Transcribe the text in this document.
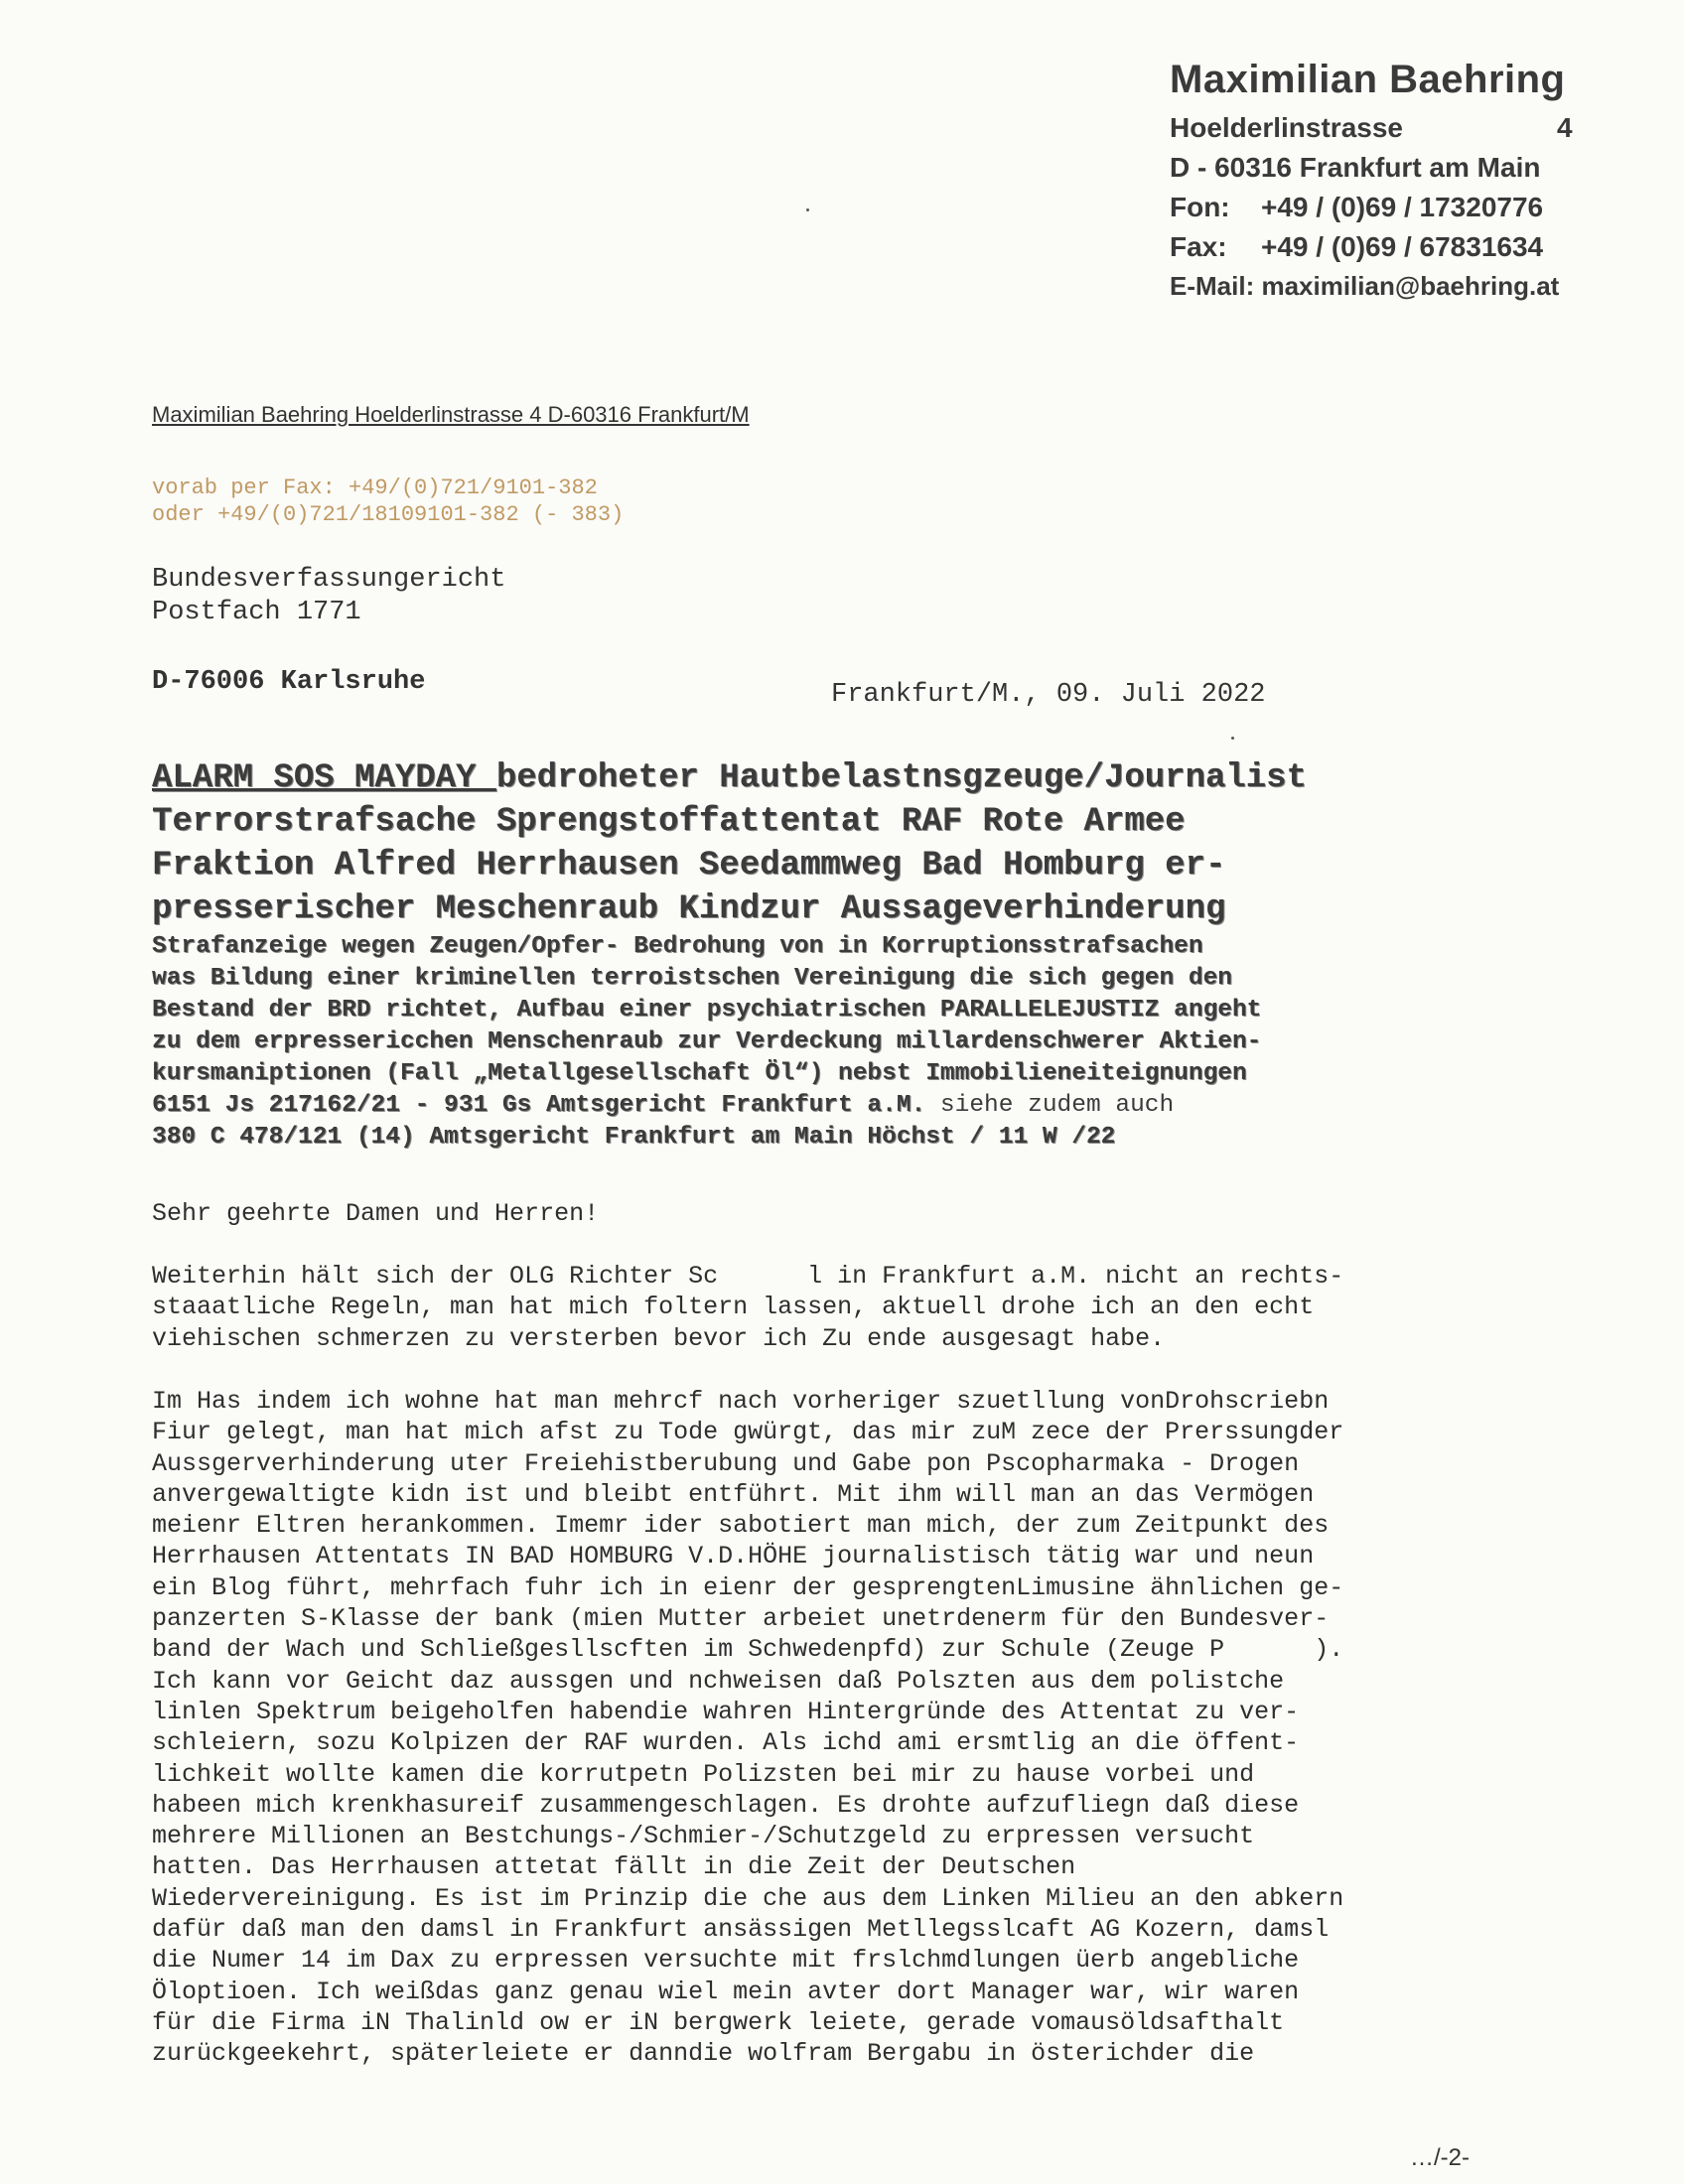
Maximilian Baehring
Hoelderlinstrasse	4
D - 60316 Frankfurt am Main
Fon: +49 / (0)69 / 17320776
Fax: +49 / (0)69 / 67831634
E-Mail: maximilian@baehring.at
Maximilian Baehring Hoelderlinstrasse 4 D-60316 Frankfurt/M
vorab per Fax: +49/(0)721/9101-382
oder +49/(0)721/18109101-382 (- 383)
Bundesverfassungericht
Postfach 1771
D-76006 Karlsruhe	Frankfurt/M., 09. Juli 2022
ALARM SOS MAYDAY bedroheter Hautbelastnsgzeuge/Journalist
Terrorstrafsache Sprengstoffattentat RAF Rote Armee
Fraktion Alfred Herrhausen Seedammweg Bad Homburg er-
presserischer Meschenraub Kindzur Aussageverhinderung
Strafanzeige wegen Zeugen/Opfer- Bedrohung von in Korruptionsstrafsachen
was Bildung einer kriminellen terroistschen Vereinigung die sich gegen den
Bestand der BRD richtet, Aufbau einer psychiatrischen PARALLELEJUSTIZ angeht
zu dem erpressericchen Menschenraub zur Verdeckung millardenschwerer Aktien-
kursmaniptionen (Fall „Metallgesellschaft Öl“) nebst Immobilieneiteignungen
6151 Js 217162/21 - 931 Gs Amtsgericht Frankfurt a.M. siehe zudem auch
380 C 478/121 (14) Amtsgericht Frankfurt am Main Höchst / 11 W /22
Sehr geehrte Damen und Herren!
Weiterhin hält sich der OLG Richter Sc      l in Frankfurt a.M. nicht an rechts-
staaatliche Regeln, man hat mich foltern lassen, aktuell drohe ich an den echt
viehischen schmerzen zu versterben bevor ich Zu ende ausgesagt habe.
Im Has indem ich wohne hat man mehrcf nach vorheriger szuetllung vonDrohscriebn
Fiur gelegt, man hat mich afst zu Tode gwürgt, das mir zuM zece der Prerssungder
Aussgerverhinderung uter Freiehistberubung und Gabe pon Pscopharmaka - Drogen
anvergewaltigte kidn ist und bleibt entführt. Mit ihm will man an das Vermögen
meienr Eltren herankommen. Imemr ider sabotiert man mich, der zum Zeitpunkt des
Herrhausen Attentats IN BAD HOMBURG V.D.HÖHE journalistisch tätig war und neun
ein Blog führt, mehrfach fuhr ich in eienr der gesprengtenLimusine ähnlichen ge-
panzerten S-Klasse der bank (mien Mutter arbeiet unetrdenerm für den Bundesver-
band der Wach und Schließgesllscften im Schwedenpfd) zur Schule (Zeuge P      ).
Ich kann vor Geicht daz aussgen und nchweisen daß Polszten aus dem polistche
linlen Spektrum beigeholfen habendie wahren Hintergründe des Attentat zu ver-
schleiern, sozu Kolpizen der RAF wurden. Als ichd ami ersmtlig an die öffent-
lichkeit wollte kamen die korrutpetn Polizsten bei mir zu hause vorbei und
habeen mich krenkhasureif zusammengeschlagen. Es drohte aufzufliegn daß diese
mehrere Millionen an Bestchungs-/Schmier-/Schutzgeld zu erpressen versucht
hatten. Das Herrhausen attetat fällt in die Zeit der Deutschen
Wiedervereinigung. Es ist im Prinzip die che aus dem Linken Milieu an den abkern
dafür daß man den damsl in Frankfurt ansässigen Metllegsslcaft AG Kozern, damsl
die Numer 14 im Dax zu erpressen versuchte mit frslchmdlungen üerb angebliche
Öloptioen. Ich weißdas ganz genau wiel mein avter dort Manager war, wir waren
für die Firma iN Thalinld ow er iN bergwerk leiete, gerade vomausöldsafthalt
zurückgeekehrt, späterleiete er danndie wolfram Bergabu in österichder die
…/-2-
